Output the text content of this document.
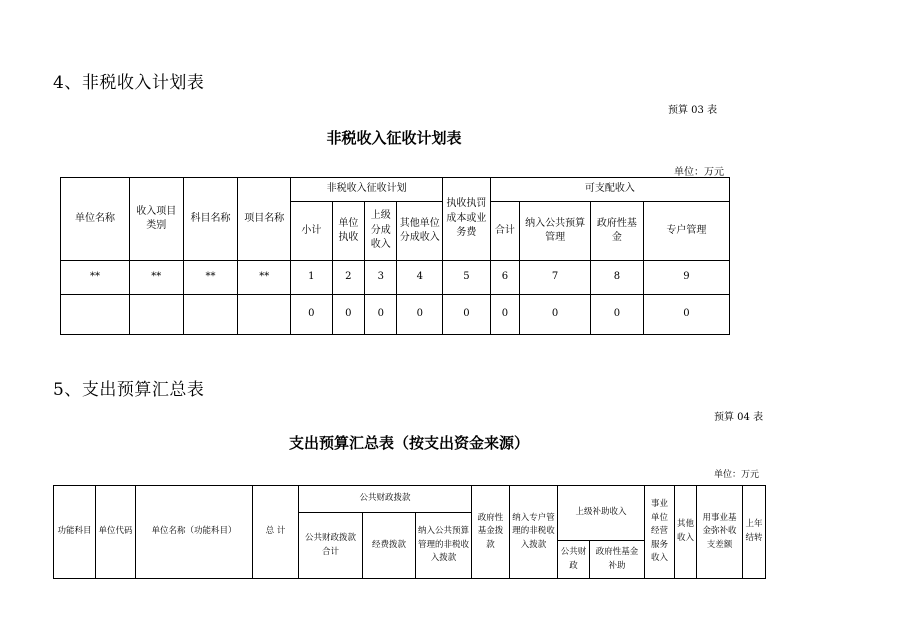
4、非税收入计划表
预算 03 表
非税收入征收计划表
单位：万元
单位名称	收入项目类别	科目名称	项目名称	非税收入征收计划				执收执罚成本或业务费	可支配收入			
				小计	单位执收	上级分成收入	其他单位分成收入		合计	纳入公共预算管理	政府性基金	专户管理
**	**	**	**	1	2	3	4	5	6	7	8	9
				0	0	0	0	0	0	0	0	0
5、支出预算汇总表
预算 04 表
支出预算汇总表（按支出资金来源）
单位：万元
功能科目	单位代码	单位名称（功能科目）	总 计	公共财政拨款			政府性基金拨款	纳入专户管理的非税收入拨款	上级补助收入		事业单位经营服务收入	其他收入	用事业基金弥补收支差额	上年结转
				公共财政拨款合计	经费拨款	纳入公共预算管理的非税收入拨款								
									公共财政	政府性基金补助				
